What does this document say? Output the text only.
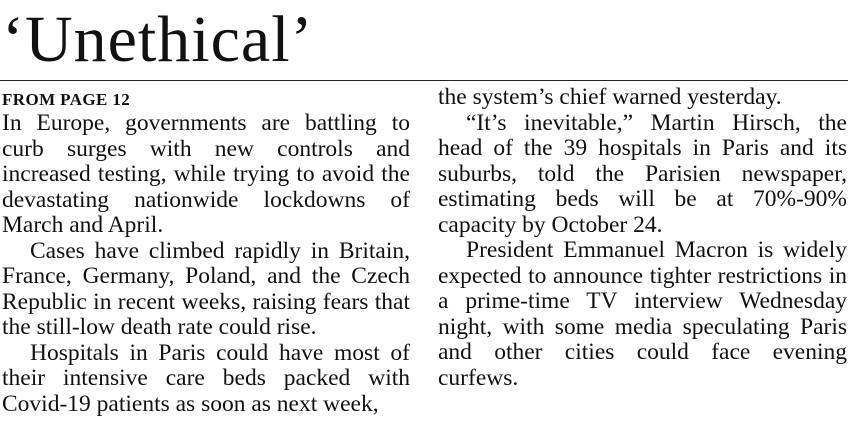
‘Unethical’
FROM PAGE 12

In Europe, governments are battling to curb surges with new controls and increased testing, while trying to avoid the devastating nationwide lockdowns of March and April.

Cases have climbed rapidly in Britain, France, Germany, Poland, and the Czech Republic in recent weeks, raising fears that the still-low death rate could rise.

Hospitals in Paris could have most of their intensive care beds packed with Covid-19 patients as soon as next week,

the system’s chief warned yesterday.

“It’s inevitable,” Martin Hirsch, the head of the 39 hospitals in Paris and its suburbs, told the Parisien newspaper, estimating beds will be at 70%-90% capacity by October 24.

President Emmanuel Macron is widely expected to announce tighter restrictions in a prime-time TV interview Wednesday night, with some media speculating Paris and other cities could face evening curfews.
